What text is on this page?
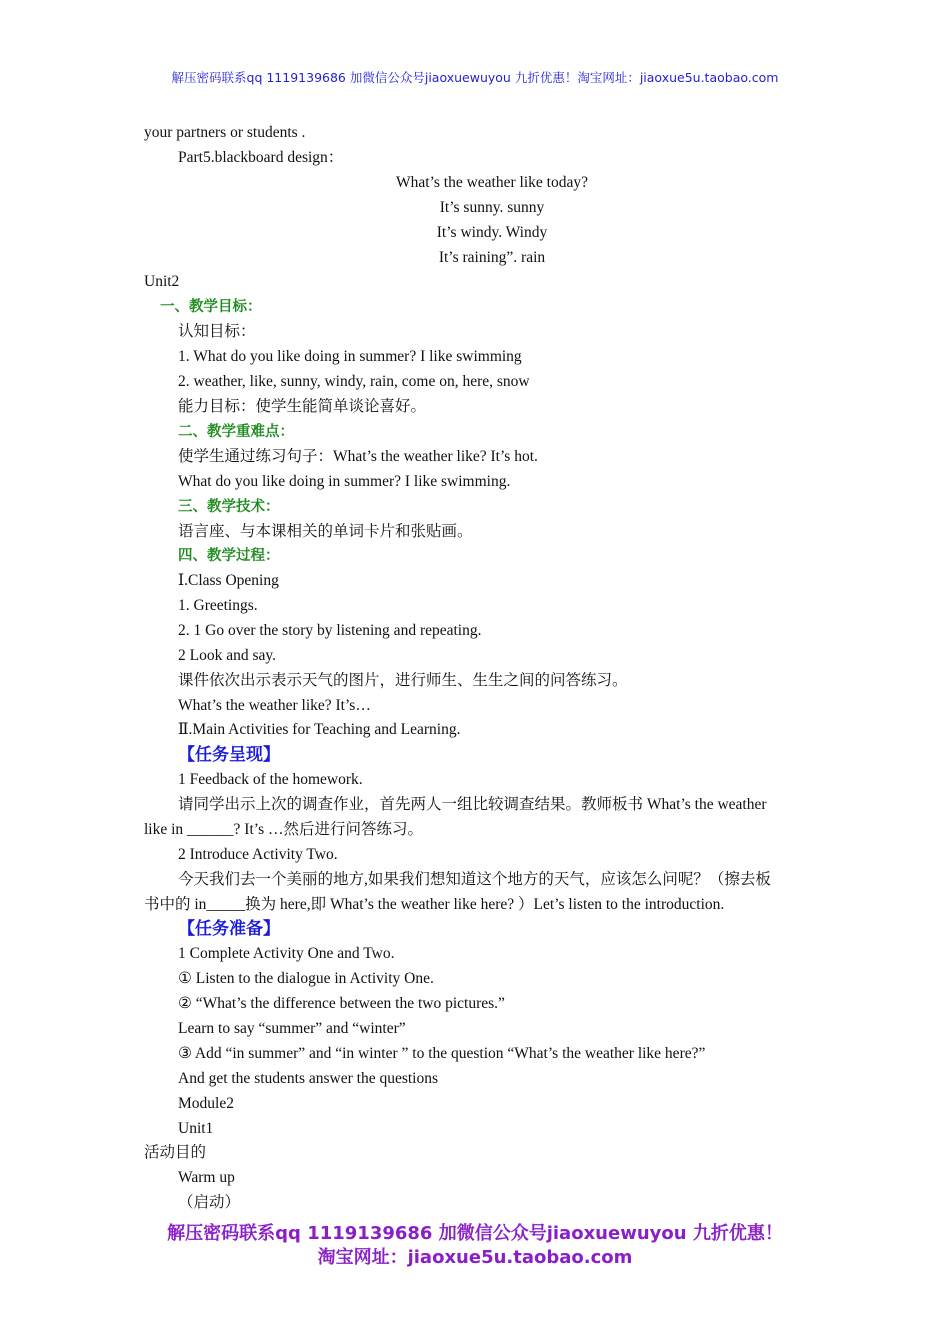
解压密码联系qq 1119139686 加微信公众号jiaoxuewuyou 九折优惠！淘宝网址：jiaoxue5u.taobao.com
your partners or students .
Part5.blackboard design：
What’s the weather like today?
It’s sunny. sunny
It’s windy. Windy
It’s raining”. rain
Unit2
一、教学目标：
认知目标：
1. What do you like doing in summer? I like swimming
2. weather, like, sunny, windy, rain, come on, here, snow
能力目标：使学生能简单谈论喜好。
二、教学重难点：
使学生通过练习句子：What’s the weather like? It’s hot.
What do you like doing in summer? I like swimming.
三、教学技术：
语言座、与本课相关的单词卡片和张贴画。
四、教学过程：
Ⅰ.Class Opening
1. Greetings.
2. 1 Go over the story by listening and repeating.
2 Look and say.
课件依次出示表示天气的图片，进行师生、生生之间的问答练习。
What’s the weather like? It’s…
Ⅱ.Main Activities for Teaching and Learning.
【任务呈现】
1 Feedback of the homework.
请同学出示上次的调查作业，首先两人一组比较调查结果。教师板书 What’s the weather
like in ______? It’s …然后进行问答练习。
2 Introduce Activity Two.
今天我们去一个美丽的地方,如果我们想知道这个地方的天气，应该怎么问呢？（擦去板
书中的 in_____换为 here,即 What’s the weather like here? ）Let’s listen to the introduction.
【任务准备】
1 Complete Activity One and Two.
① Listen to the dialogue in Activity One.
② “What’s the difference between the two pictures.”
Learn to say “summer” and “winter”
③ Add “in summer” and “in winter ” to the question “What’s the weather like here?”
And get the students answer the questions
Module2
Unit1
活动目的
Warm up
（启动）
解压密码联系qq 1119139686 加微信公众号jiaoxuewuyou 九折优惠！
淘宝网址：jiaoxue5u.taobao.com
